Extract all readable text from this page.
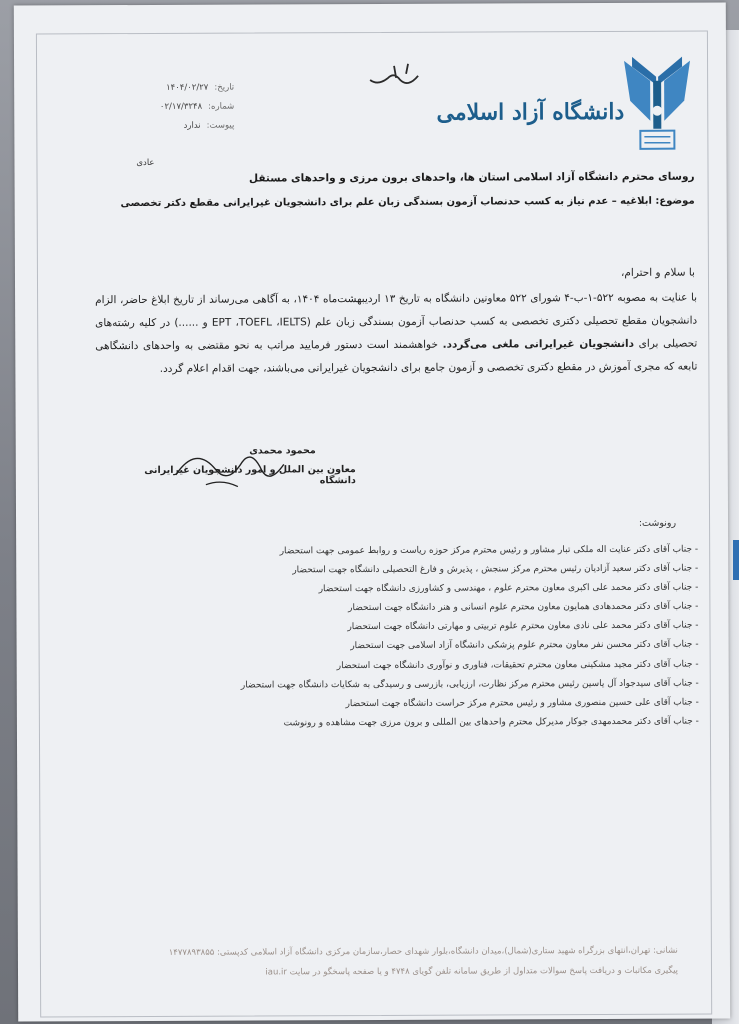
دانشگاه آزاد اسلامی
تاریخ:
۱۴۰۴/۰۲/۲۷
شماره:
۰۲/۱۷/۳۲۴۸
پیوست:
ندارد
عادی
روسای محترم دانشگاه آزاد اسلامی استان ها، واحدهای برون مرزی و واحدهای مستقل
موضوع: ابلاغیه – عدم نیاز به کسب حدنصاب آزمون بسندگی زبان علم برای دانشجویان غیرایرانی مقطع دکتر تخصصی
با سلام و احترام،
با عنایت به مصوبه ۵۲۲-۱-ب-۴ شورای ۵۲۲ معاونین دانشگاه به تاریخ ۱۳ اردیبهشت‌ماه ۱۴۰۴، به آگاهی می‌رساند از تاریخ ابلاغ حاضر، الزام دانشجویان مقطع تحصیلی دکتری تخصصی به کسب حدنصاب آزمون بسندگی زبان علم (EPT ،TOEFL ،IELTS و ......) در کلیه رشته‌های تحصیلی برای دانشجویان غیرایرانی ملغی می‌گردد. خواهشمند است دستور فرمایید مراتب به نحو مقتضی به واحدهای دانشگاهی تابعه که مجری آموزش در مقطع دکتری تخصصی و آزمون جامع برای دانشجویان غیرایرانی می‌باشند، جهت اقدام اعلام گردد.
محمود محمدی
معاون بین الملل و امور دانشجویان غیرایرانی دانشگاه
رونوشت:
- جناب آقای دکتر عنایت اله ملکی تبار مشاور و رئیس محترم مرکز حوزه ریاست و روابط عمومی جهت استحضار
- جناب آقای دکتر سعید آزادیان رئیس محترم مرکز سنجش ، پذیرش و فارغ التحصیلی دانشگاه جهت استحضار
- جناب آقای دکتر محمد علی اکبری معاون محترم علوم ، مهندسی و کشاورزی دانشگاه جهت استحضار
- جناب آقای دکتر محمدهادی همایون معاون محترم علوم انسانی و هنر دانشگاه جهت استحضار
- جناب آقای دکتر محمد علی نادی معاون محترم علوم تربیتی و مهارتی دانشگاه جهت استحضار
- جناب آقای دکتر محسن نفر معاون محترم علوم پزشکی دانشگاه آزاد اسلامی جهت استحضار
- جناب آقای دکتر مجید مشکینی معاون محترم تحقیقات، فناوری و نوآوری دانشگاه جهت استحضار
- جناب آقای سیدجواد آل یاسین رئیس محترم مرکز نظارت، ارزیابی، بازرسی و رسیدگی به شکایات دانشگاه جهت استحضار
- جناب آقای علی حسین منصوری مشاور و رئیس محترم مرکز حراست دانشگاه جهت استحضار
- جناب آقای دکتر محمدمهدی جوکار مدیرکل محترم واحدهای بین المللی و برون مرزی جهت مشاهده و رونوشت
نشانی: تهران،انتهای بزرگراه شهید ستاری(شمال)،میدان دانشگاه،بلوار شهدای حصار،سازمان مرکزی دانشگاه آزاد اسلامی کدپستی: ۱۴۷۷۸۹۳۸۵۵
پیگیری مکاتبات و دریافت پاسخ سوالات متداول از طریق سامانه تلفن گویای ۴۷۴۸ و یا صفحه پاسخگو در سایت iau.ir
